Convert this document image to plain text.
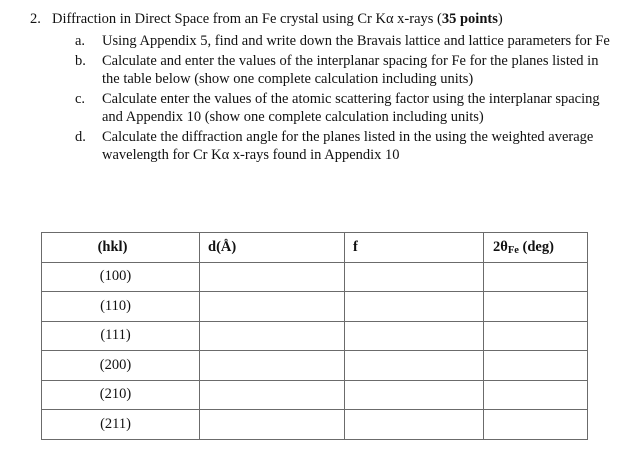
2. Diffraction in Direct Space from an Fe crystal using Cr Kα x-rays (35 points)
a. Using Appendix 5, find and write down the Bravais lattice and lattice parameters for Fe
b. Calculate and enter the values of the interplanar spacing for Fe for the planes listed in the table below (show one complete calculation including units)
c. Calculate enter the values of the atomic scattering factor using the interplanar spacing and Appendix 10 (show one complete calculation including units)
d. Calculate the diffraction angle for the planes listed in the using the weighted average wavelength for Cr Kα x-rays found in Appendix 10
(hkl)	d(Å)	f	2θFe (deg)
(100)			
(110)			
(111)			
(200)			
(210)			
(211)			
